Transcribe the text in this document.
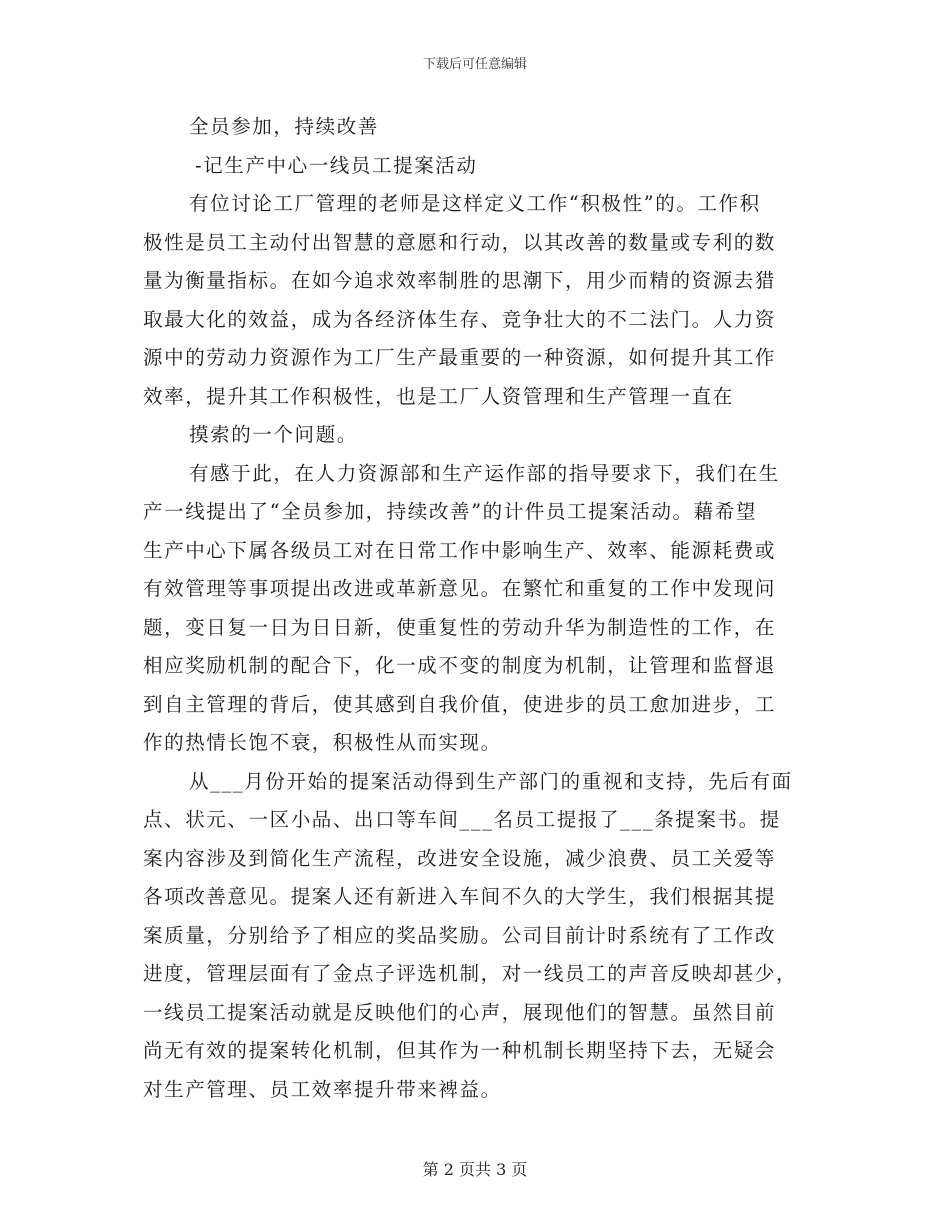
下载后可任意编辑
全员参加，持续改善
-记生产中心一线员工提案活动
有位讨论工厂管理的老师是这样定义工作“积极性”的。工作积
极性是员工主动付出智慧的意愿和行动，以其改善的数量或专利的数
量为衡量指标。在如今追求效率制胜的思潮下，用少而精的资源去猎
取最大化的效益，成为各经济体生存、竞争壮大的不二法门。人力资
源中的劳动力资源作为工厂生产最重要的一种资源，如何提升其工作
效率，提升其工作积极性，也是工厂人资管理和生产管理一直在
摸索的一个问题。
有感于此，在人力资源部和生产运作部的指导要求下，我们在生
产一线提出了“全员参加，持续改善”的计件员工提案活动。藉希望
生产中心下属各级员工对在日常工作中影响生产、效率、能源耗费或
有效管理等事项提出改进或革新意见。在繁忙和重复的工作中发现问
题，变日复一日为日日新，使重复性的劳动升华为制造性的工作，在
相应奖励机制的配合下，化一成不变的制度为机制，让管理和监督退
到自主管理的背后，使其感到自我价值，使进步的员工愈加进步，工
作的热情长饱不衰，积极性从而实现。
从___月份开始的提案活动得到生产部门的重视和支持，先后有面
点、状元、一区小品、出口等车间___名员工提报了___条提案书。提
案内容涉及到简化生产流程，改进安全设施，减少浪费、员工关爱等
各项改善意见。提案人还有新进入车间不久的大学生，我们根据其提
案质量，分别给予了相应的奖品奖励。公司目前计时系统有了工作改
进度，管理层面有了金点子评选机制，对一线员工的声音反映却甚少，
一线员工提案活动就是反映他们的心声，展现他们的智慧。虽然目前
尚无有效的提案转化机制，但其作为一种机制长期坚持下去，无疑会
对生产管理、员工效率提升带来裨益。
第 2 页共 3 页
